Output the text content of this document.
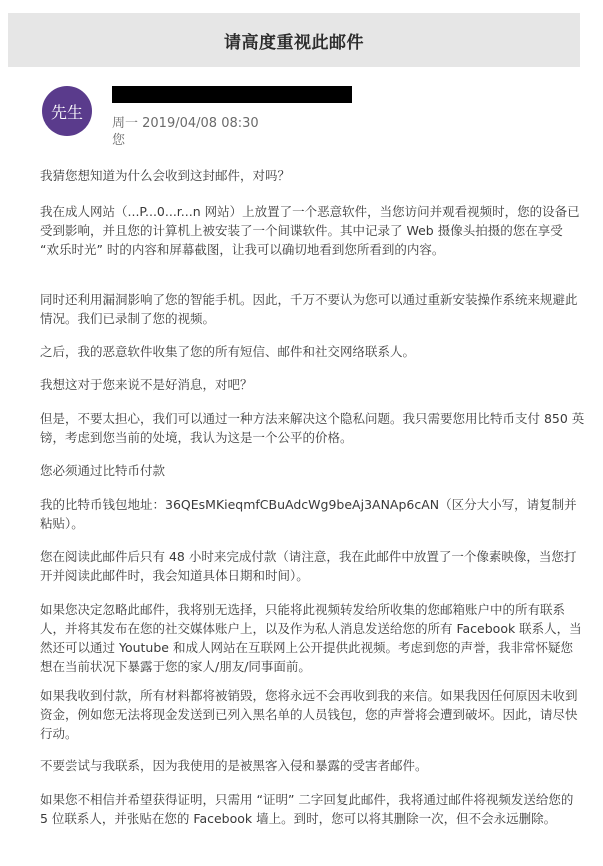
请高度重视此邮件
先生
周一 2019/04/08 08:30
您

我猜您想知道为什么会收到这封邮件，对吗？

我在成人网站（...P...0...r...n 网站）上放置了一个恶意软件，当您访问并观看视频时，您的设备已受到影响，并且您的计算机上被安装了一个间谍软件。其中记录了 Web 摄像头拍摄的您在享受 “欢乐时光” 时的内容和屏幕截图，让我可以确切地看到您所看到的内容。

同时还利用漏洞影响了您的智能手机。因此，千万不要认为您可以通过重新安装操作系统来规避此情况。我们已录制了您的视频。

之后，我的恶意软件收集了您的所有短信、邮件和社交网络联系人。

我想这对于您来说不是好消息，对吧？

但是，不要太担心，我们可以通过一种方法来解决这个隐私问题。我只需要您用比特币支付 850 英镑，考虑到您当前的处境，我认为这是一个公平的价格。

您必须通过比特币付款

我的比特币钱包地址：36QEsMKieqmfCBuAdcWg9beAj3ANAp6cAN（区分大小写，请复制并粘贴）。

您在阅读此邮件后只有 48 小时来完成付款（请注意，我在此邮件中放置了一个像素映像，当您打开并阅读此邮件时，我会知道具体日期和时间）。

如果您决定忽略此邮件，我将别无选择，只能将此视频转发给所收集的您邮箱账户中的所有联系人，并将其发布在您的社交媒体账户上，以及作为私人消息发送给您的所有 Facebook 联系人，当然还可以通过 Youtube 和成人网站在互联网上公开提供此视频。考虑到您的声誉，我非常怀疑您想在当前状况下暴露于您的家人/朋友/同事面前。

如果我收到付款，所有材料都将被销毁，您将永远不会再收到我的来信。如果我因任何原因未收到资金，例如您无法将现金发送到已列入黑名单的人员钱包，您的声誉将会遭到破坏。因此，请尽快行动。

不要尝试与我联系，因为我使用的是被黑客入侵和暴露的受害者邮件。

如果您不相信并希望获得证明，只需用 “证明” 二字回复此邮件，我将通过邮件将视频发送给您的 5 位联系人，并张贴在您的 Facebook 墙上。到时，您可以将其删除一次，但不会永远删除。
